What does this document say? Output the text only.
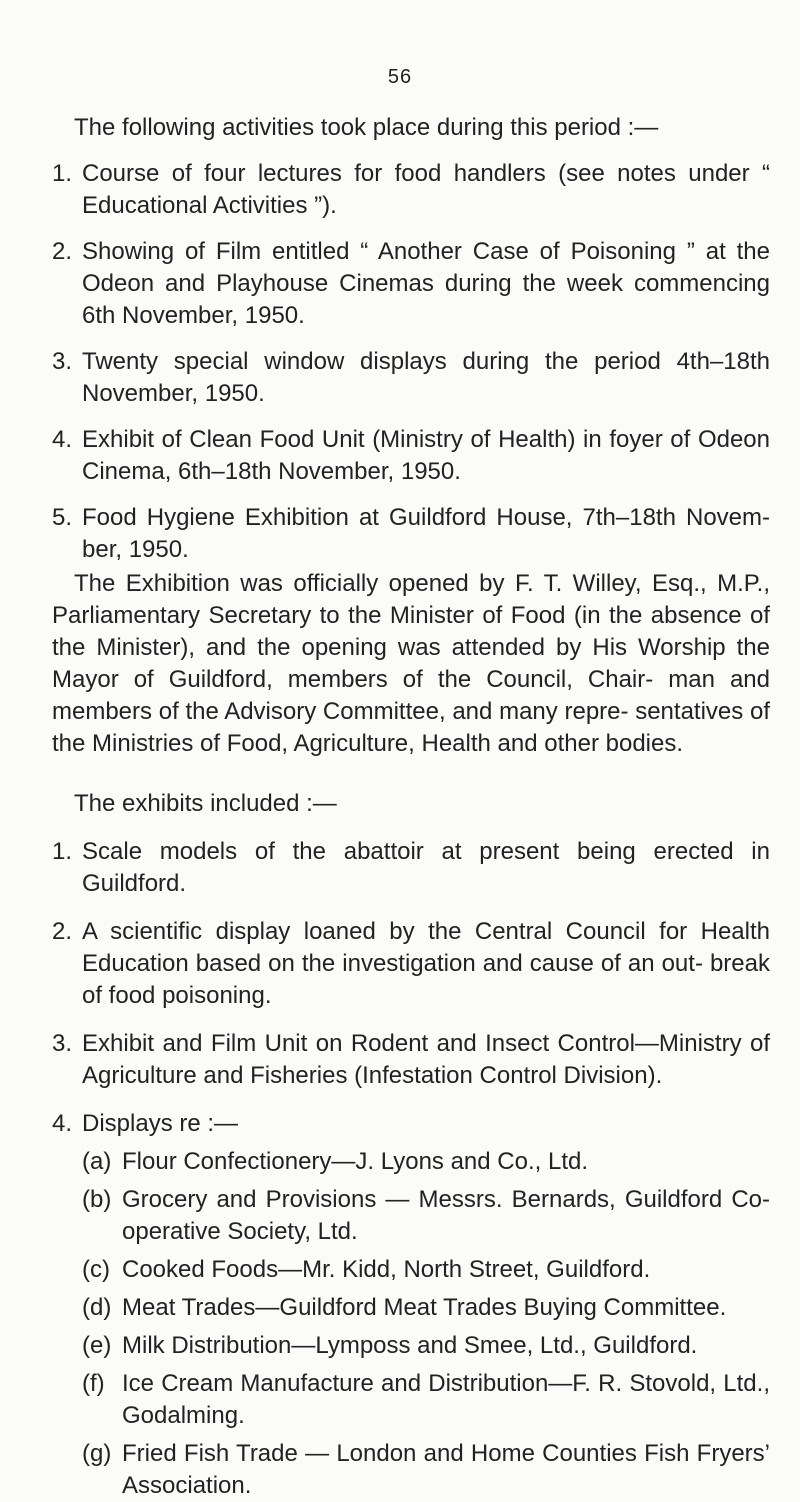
56

The following activities took place during this period :—

1. Course of four lectures for food handlers (see notes under “ Educational Activities ”).
2. Showing of Film entitled “ Another Case of Poisoning ” at the Odeon and Playhouse Cinemas during the week commencing 6th November, 1950.
3. Twenty special window displays during the period 4th–18th November, 1950.
4. Exhibit of Clean Food Unit (Ministry of Health) in foyer of Odeon Cinema, 6th–18th November, 1950.
5. Food Hygiene Exhibition at Guildford House, 7th–18th Novem- ber, 1950.

The Exhibition was officially opened by F. T. Willey, Esq., M.P., Parliamentary Secretary to the Minister of Food (in the absence of the Minister), and the opening was attended by His Worship the Mayor of Guildford, members of the Council, Chair- man and members of the Advisory Committee, and many repre- sentatives of the Ministries of Food, Agriculture, Health and other bodies.

The exhibits included :—

1. Scale models of the abattoir at present being erected in Guildford.
2. A scientific display loaned by the Central Council for Health Education based on the investigation and cause of an out- break of food poisoning.
3. Exhibit and Film Unit on Rodent and Insect Control—Ministry of Agriculture and Fisheries (Infestation Control Division).
4. Displays re :—
(a) Flour Confectionery—J. Lyons and Co., Ltd.
(b) Grocery and Provisions — Messrs. Bernards, Guildford Co-operative Society, Ltd.
(c) Cooked Foods—Mr. Kidd, North Street, Guildford.
(d) Meat Trades—Guildford Meat Trades Buying Committee.
(e) Milk Distribution—Lymposs and Smee, Ltd., Guildford.
(f) Ice Cream Manufacture and Distribution—F. R. Stovold, Ltd., Godalming.
(g) Fried Fish Trade — London and Home Counties Fish Fryers’ Association.
